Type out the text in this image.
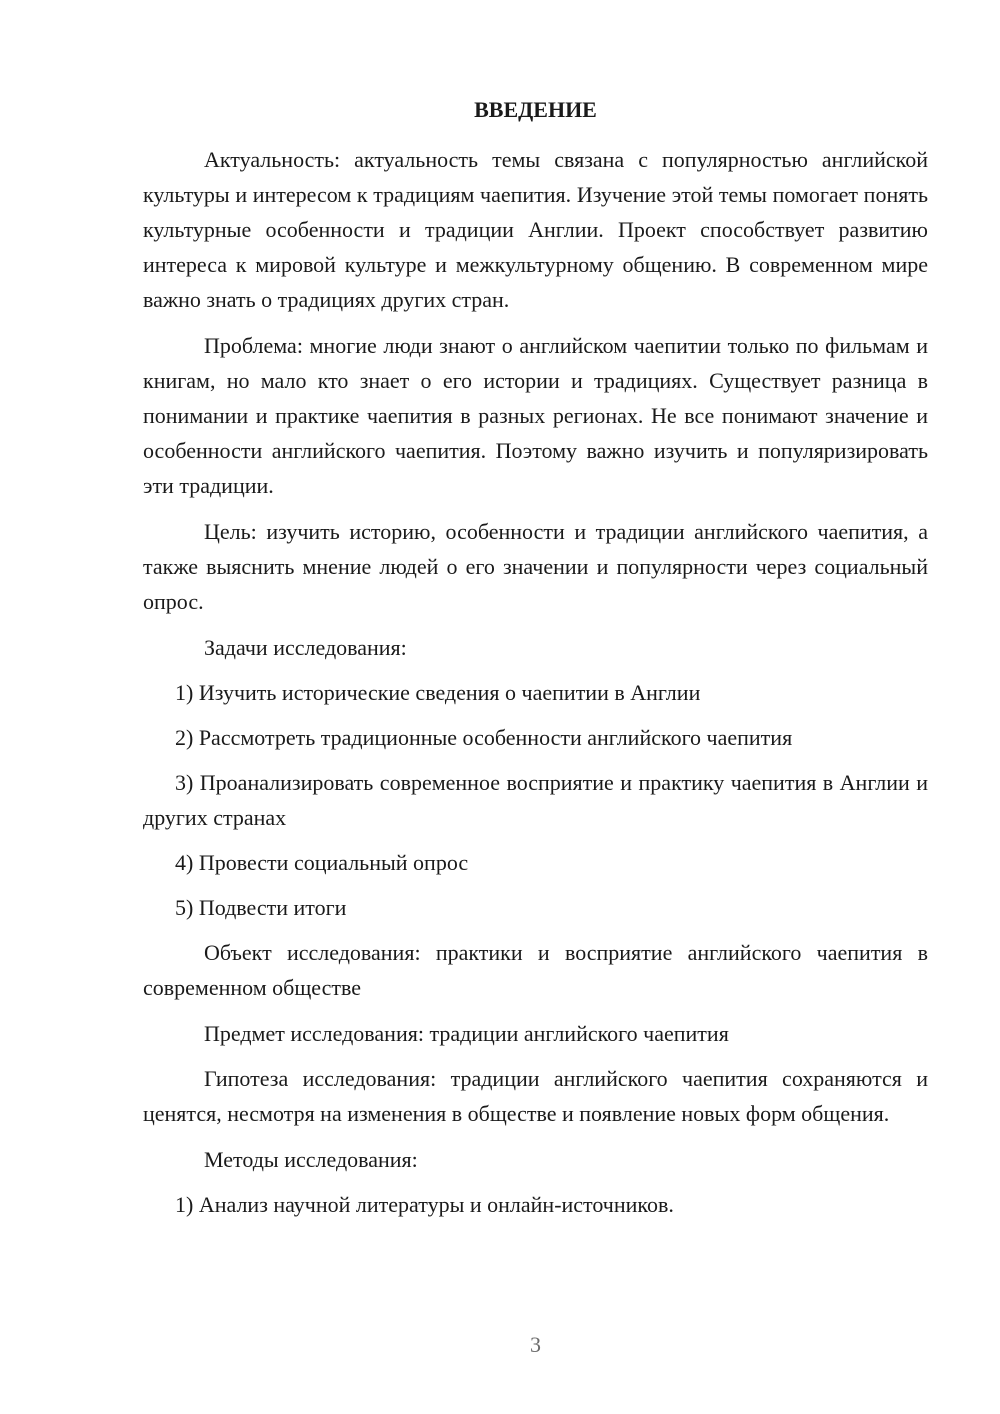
ВВЕДЕНИЕ

Актуальность: актуальность темы связана с популярностью английской культуры и интересом к традициям чаепития. Изучение этой темы помогает понять культурные особенности и традиции Англии. Проект способствует развитию интереса к мировой культуре и межкультурному общению. В современном мире важно знать о традициях других стран.

Проблема: многие люди знают о английском чаепитии только по фильмам и книгам, но мало кто знает о его истории и традициях. Существует разница в понимании и практике чаепития в разных регионах. Не все понимают значение и особенности английского чаепития. Поэтому важно изучить и популяризировать эти традиции.

Цель: изучить историю, особенности и традиции английского чаепития, а также выяснить мнение людей о его значении и популярности через социальный опрос.

Задачи исследования:

1) Изучить исторические сведения о чаепитии в Англии

2) Рассмотреть традиционные особенности английского чаепития

3) Проанализировать современное восприятие и практику чаепития в Англии и других странах

4) Провести социальный опрос

5) Подвести итоги

Объект исследования: практики и восприятие английского чаепития в современном обществе

Предмет исследования: традиции английского чаепития

Гипотеза исследования: традиции английского чаепития сохраняются и ценятся, несмотря на изменения в обществе и появление новых форм общения.

Методы исследования:

1) Анализ научной литературы и онлайн-источников.

3
